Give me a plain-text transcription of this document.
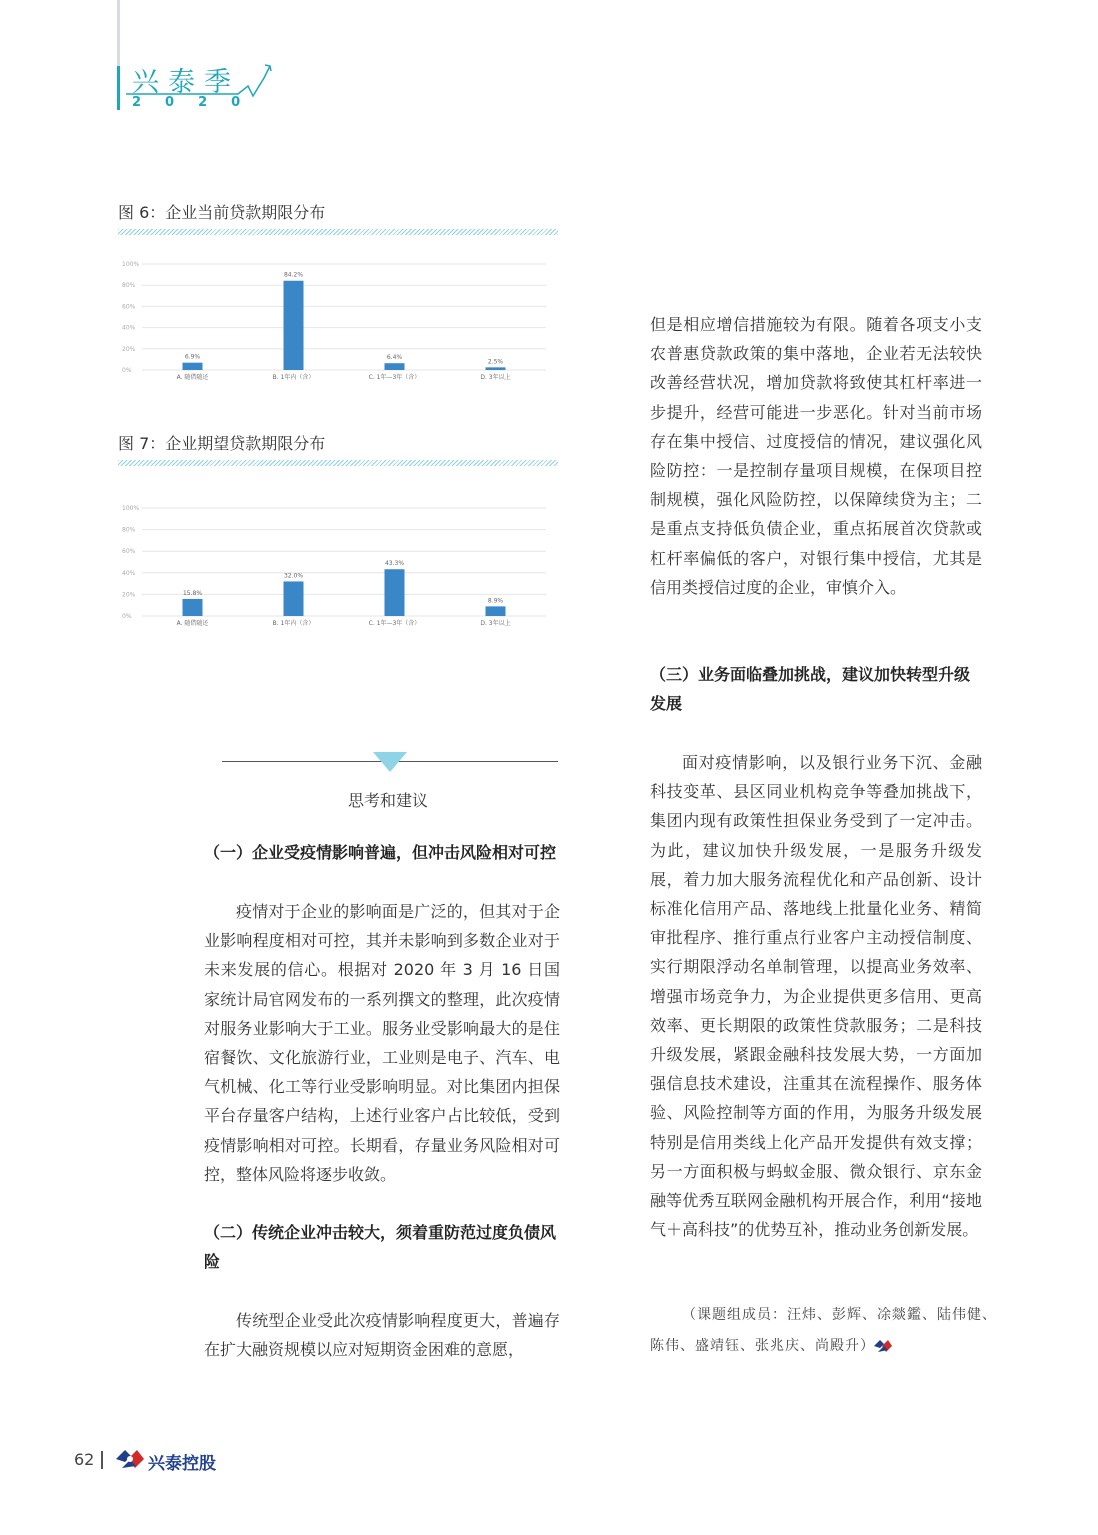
兴泰季
2020
图 6：企业当前贷款期限分布
0%
20%
40%
60%
80%
100%
6.9%
A. 随借随还
84.2%
B. 1年内（含）
6.4%
C. 1年—3年（含）
2.5%
D. 3年以上
图 7：企业期望贷款期限分布
0%
20%
40%
60%
80%
100%
15.8%
A. 随借随还
32.0%
B. 1年内（含）
43.3%
C. 1年—3年（含）
8.9%
D. 3年以上
思考和建议
（一）企业受疫情影响普遍，但冲击风险相对可控

疫情对于企业的影响面是广泛的，但其对于企业影响程度相对可控，其并未影响到多数企业对于未来发展的信心。根据对 2020 年 3 月 16 日国家统计局官网发布的一系列撰文的整理，此次疫情对服务业影响大于工业。服务业受影响最大的是住宿餐饮、文化旅游行业，工业则是电子、汽车、电气机械、化工等行业受影响明显。对比集团内担保平台存量客户结构，上述行业客户占比较低，受到疫情影响相对可控。长期看，存量业务风险相对可控，整体风险将逐步收敛。

（二）传统企业冲击较大，须着重防范过度负债风险

传统型企业受此次疫情影响程度更大，普遍存在扩大融资规模以应对短期资金困难的意愿，

但是相应增信措施较为有限。随着各项支小支农普惠贷款政策的集中落地，企业若无法较快改善经营状况，增加贷款将致使其杠杆率进一步提升，经营可能进一步恶化。针对当前市场存在集中授信、过度授信的情况，建议强化风险防控：一是控制存量项目规模，在保项目控制规模，强化风险防控，以保障续贷为主；二是重点支持低负债企业，重点拓展首次贷款或杠杆率偏低的客户，对银行集中授信，尤其是信用类授信过度的企业，审慎介入。

（三）业务面临叠加挑战，建议加快转型升级发展

面对疫情影响，以及银行业务下沉、金融科技变革、县区同业机构竞争等叠加挑战下，集团内现有政策性担保业务受到了一定冲击。为此，建议加快升级发展，一是服务升级发展，着力加大服务流程优化和产品创新、设计标准化信用产品、落地线上批量化业务、精简审批程序、推行重点行业客户主动授信制度、实行期限浮动名单制管理，以提高业务效率、增强市场竞争力，为企业提供更多信用、更高效率、更长期限的政策性贷款服务；二是科技升级发展，紧跟金融科技发展大势，一方面加强信息技术建设，注重其在流程操作、服务体验、风险控制等方面的作用，为服务升级发展特别是信用类线上化产品开发提供有效支撑；另一方面积极与蚂蚁金服、微众银行、京东金融等优秀互联网金融机构开展合作，利用“接地气＋高科技”的优势互补，推动业务创新发展。

（课题组成员：汪炜、彭辉、凃燚鑑、陆伟健、
陈伟、盛靖钰、张兆庆、尚殿升）
62	兴泰控股
